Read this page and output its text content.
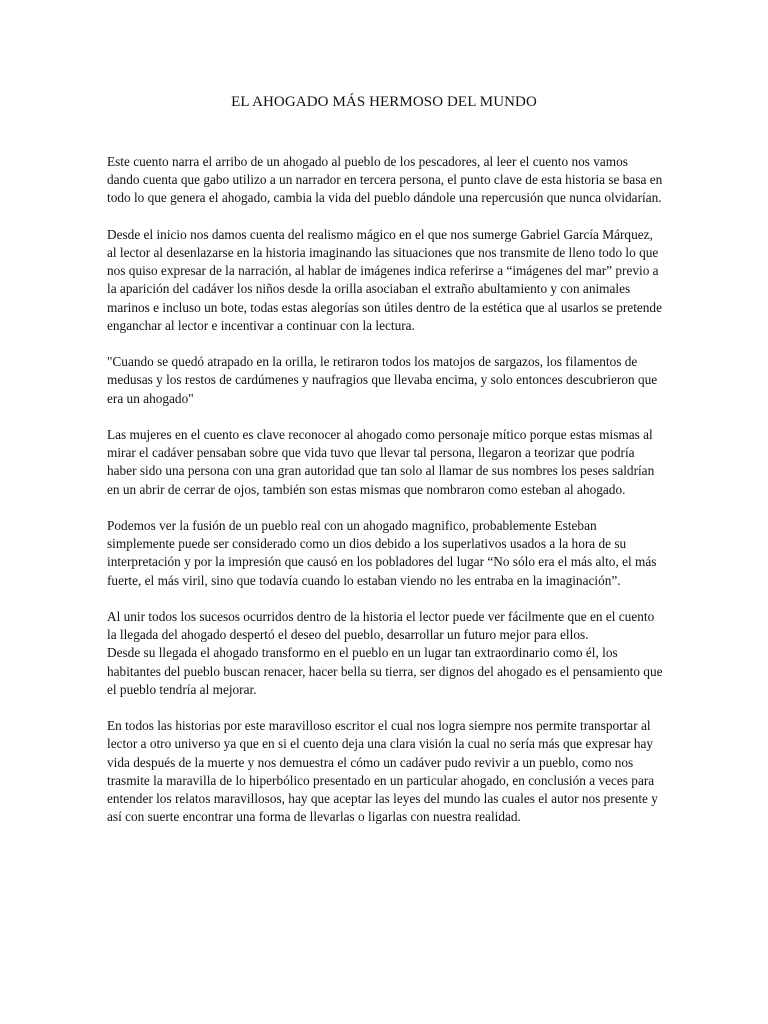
EL AHOGADO MÁS HERMOSO DEL MUNDO

Este cuento narra el arribo de un ahogado al pueblo de los pescadores, al leer el cuento nos vamos dando cuenta que gabo utilizo a un narrador en tercera persona, el punto clave de esta historia se basa en todo lo que genera el ahogado, cambia la vida del pueblo dándole una repercusión que nunca olvidarían.

Desde el inicio nos damos cuenta del realismo mágico en el que nos sumerge Gabriel García Márquez, al lector al desenlazarse en la historia imaginando las situaciones que nos transmite de lleno todo lo que nos quiso expresar de la narración, al hablar de imágenes indica referirse a “imágenes del mar” previo a la aparición del cadáver los niños desde la orilla asociaban el extraño abultamiento y con animales marinos e incluso un bote, todas estas alegorías son útiles dentro de la estética que al usarlos se pretende enganchar al lector e incentivar a continuar con la lectura.

"Cuando se quedó atrapado en la orilla, le retiraron todos los matojos de sargazos, los filamentos de medusas y los restos de cardúmenes y naufragios que llevaba encima, y solo entonces descubrieron que era un ahogado"

Las mujeres en el cuento es clave reconocer al ahogado como personaje mítico porque estas mismas al mirar el cadáver pensaban sobre que vida tuvo que llevar tal persona, llegaron a teorizar que podría haber sido una persona con una gran autoridad que tan solo al llamar de sus nombres los peses saldrían en un abrir de cerrar de ojos, también son estas mismas que nombraron como esteban al ahogado.

Podemos ver la fusión de un pueblo real con un ahogado magnifico, probablemente Esteban simplemente puede ser considerado como un dios debido a los superlativos usados a la hora de su interpretación y por la impresión que causó en los pobladores del lugar “No sólo era el más alto, el más fuerte, el más viril, sino que todavía cuando lo estaban viendo no les entraba en la imaginación”.

Al unir todos los sucesos ocurridos dentro de la historia el lector puede ver fácilmente que en el cuento la llegada del ahogado despertó el deseo del pueblo, desarrollar un futuro mejor para ellos.

Desde su llegada el ahogado transformo en el pueblo en un lugar tan extraordinario como él, los habitantes del pueblo buscan renacer, hacer bella su tierra, ser dignos del ahogado es el pensamiento que el pueblo tendría al mejorar.

En todos las historias por este maravilloso escritor el cual nos logra siempre nos permite transportar al lector a otro universo ya que en si el cuento deja una clara visión la cual no sería más que expresar hay vida después de la muerte y nos demuestra el cómo un cadáver pudo revivir a un pueblo, como nos trasmite la maravilla de lo hiperbólico presentado en un particular ahogado, en conclusión a veces para entender los relatos maravillosos, hay que aceptar las leyes del mundo las cuales el autor nos presente y así con suerte encontrar una forma de llevarlas o ligarlas con nuestra realidad.
